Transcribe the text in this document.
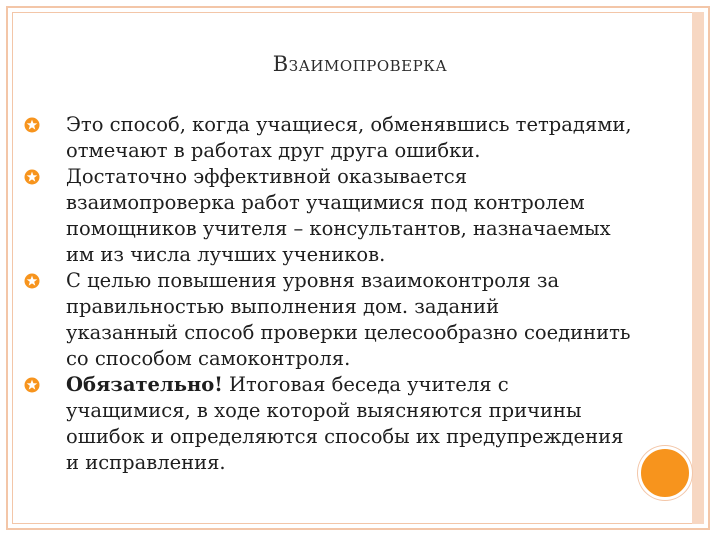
Взаимопроверка
Это способ, когда учащиеся, обменявшись тетрадями,
отмечают в работах друг друга ошибки.
Достаточно эффективной оказывается
взаимопроверка работ учащимися под контролем
помощников учителя – консультантов, назначаемых
им из числа лучших учеников.
С целью повышения уровня взаимоконтроля за
правильностью выполнения дом. заданий
указанный способ проверки целесообразно соединить
со способом самоконтроля.
Обязательно! Итоговая беседа учителя с
учащимися, в ходе которой выясняются причины
ошибок и определяются способы их предупреждения
и исправления.
